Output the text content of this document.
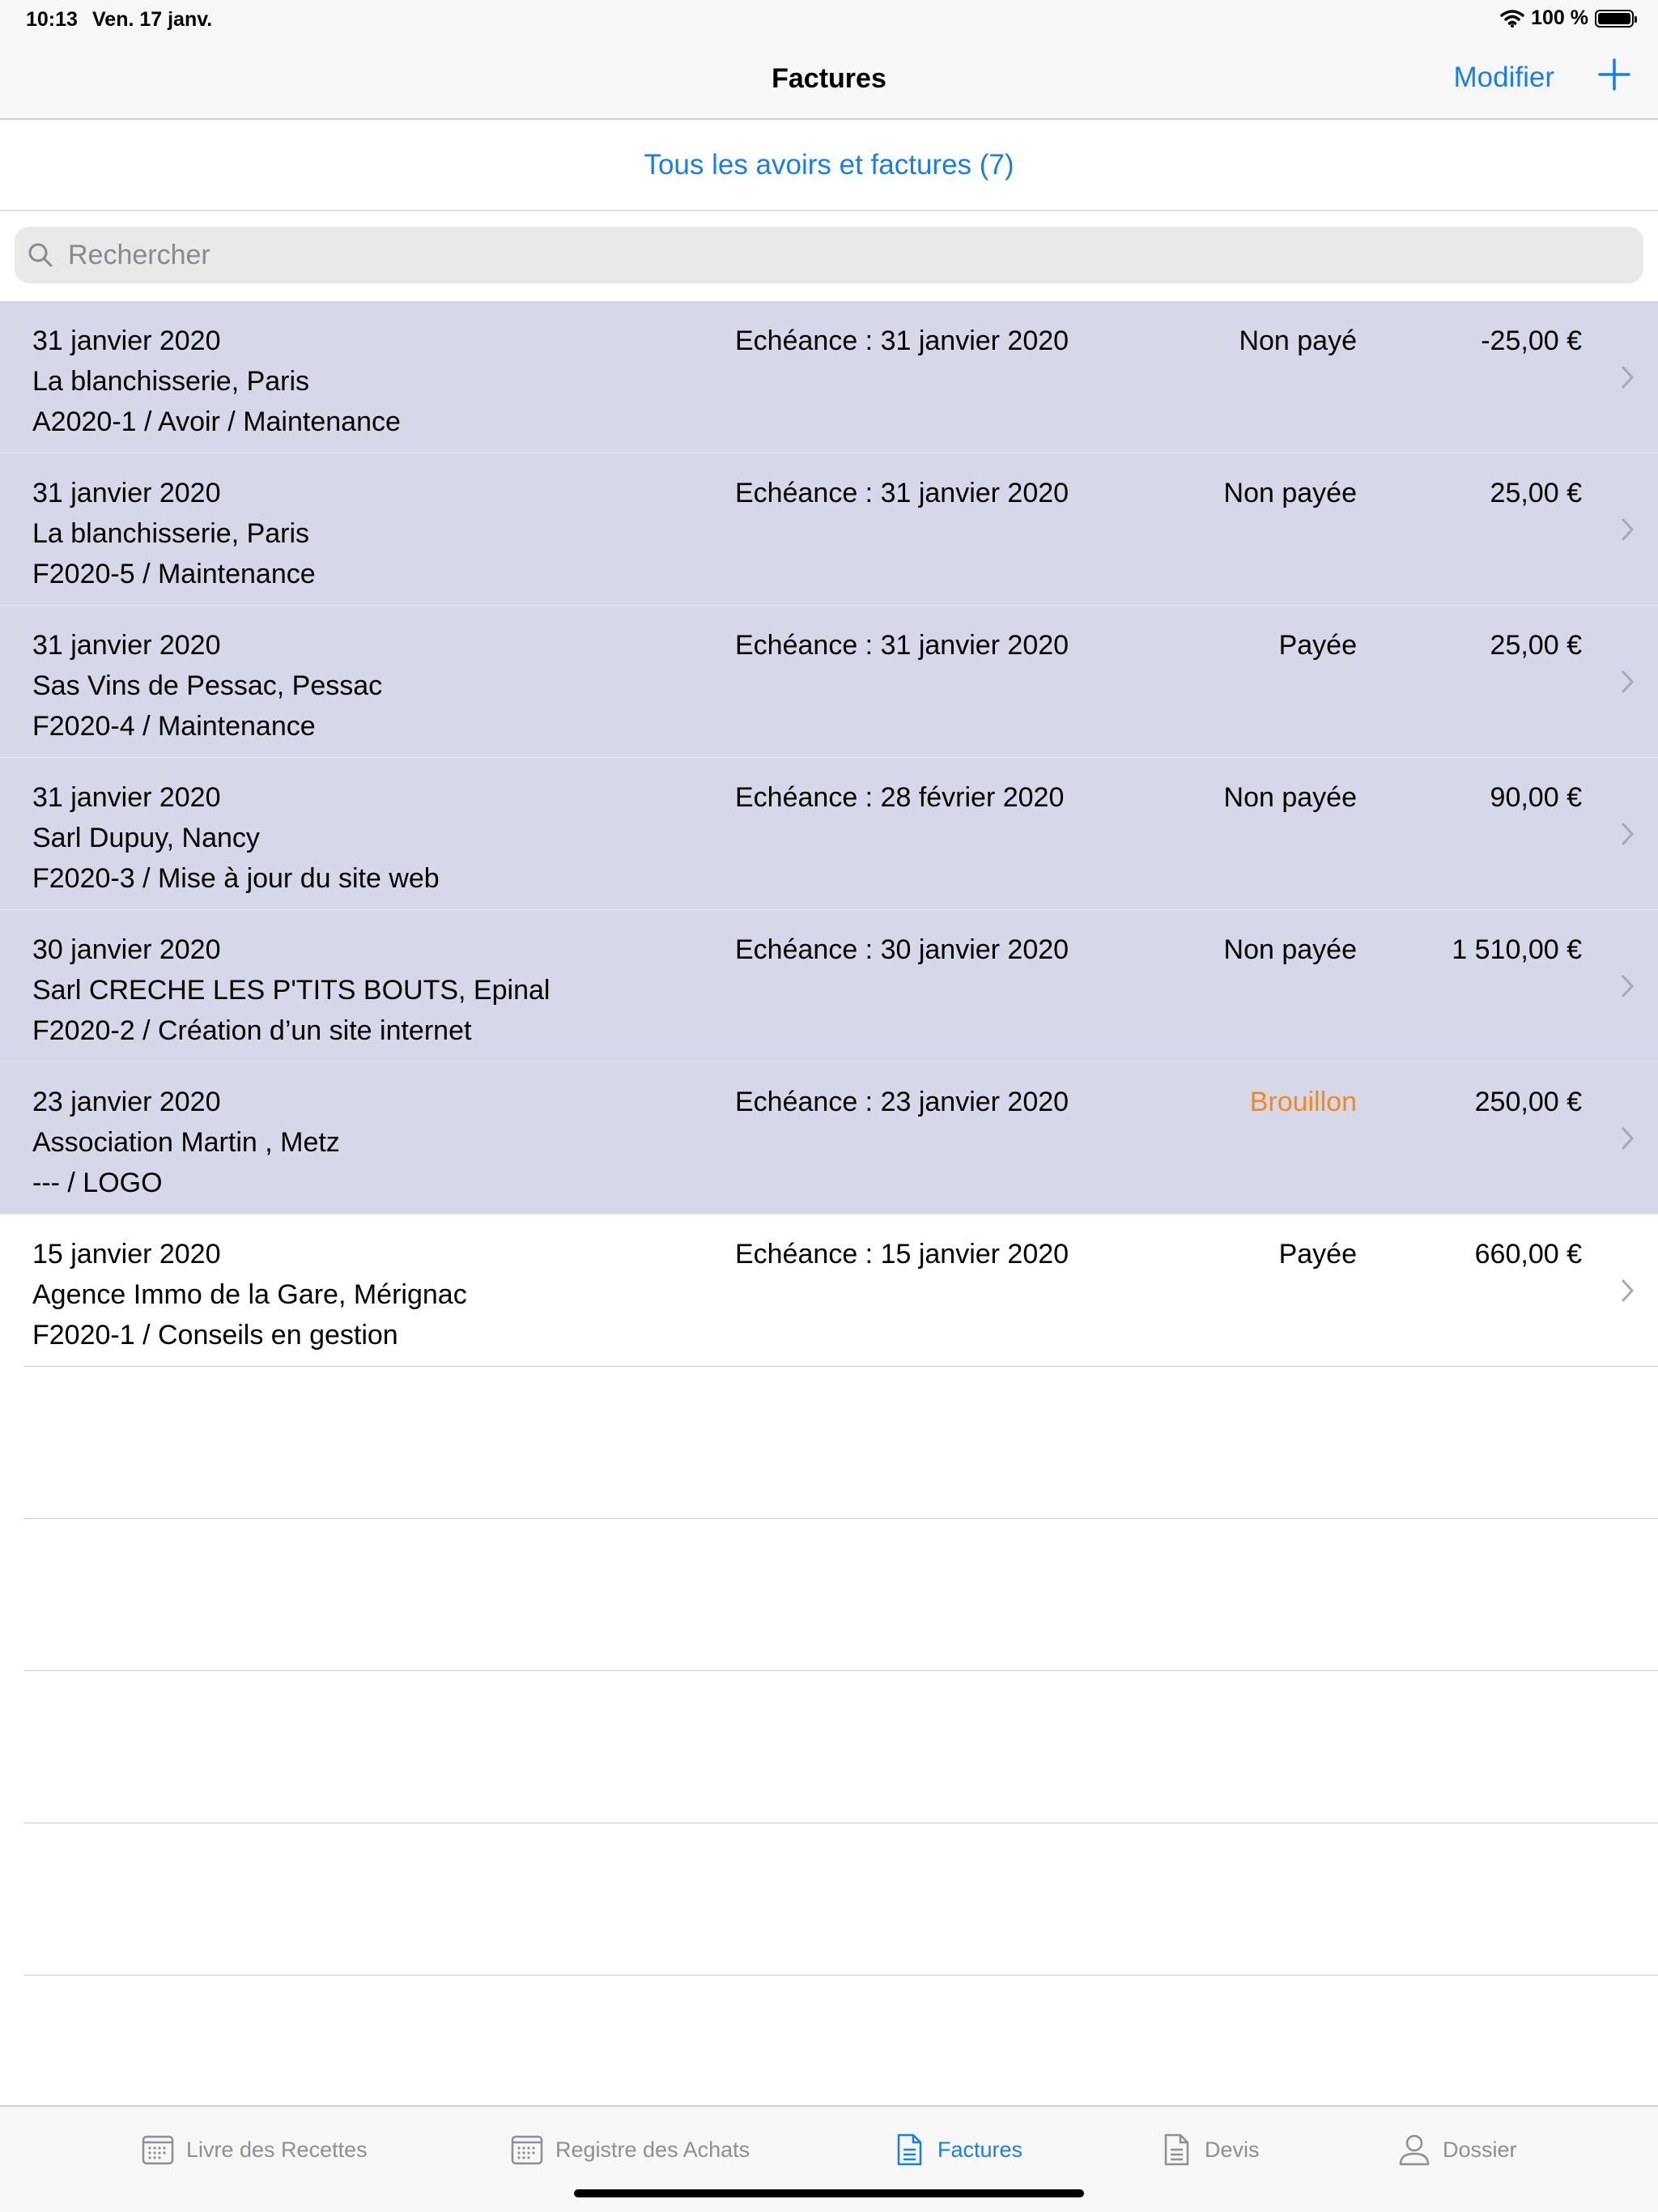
10:13 Ven. 17 janv.	100 %
Factures	Modifier
Tous les avoirs et factures (7)
Rechercher
31 janvier 2020
La blanchisserie, Paris
A2020-1 / Avoir / Maintenance
Echéance : 31 janvier 2020	Non payé	-25,00 €
31 janvier 2020
La blanchisserie, Paris
F2020-5 / Maintenance
Echéance : 31 janvier 2020	Non payée	25,00 €
31 janvier 2020
Sas Vins de Pessac, Pessac
F2020-4 / Maintenance
Echéance : 31 janvier 2020	Payée	25,00 €
31 janvier 2020
Sarl Dupuy, Nancy
F2020-3 / Mise à jour du site web
Echéance : 28 février 2020	Non payée	90,00 €
30 janvier 2020
Sarl CRECHE LES P'TITS BOUTS, Epinal
F2020-2 / Création d’un site internet
Echéance : 30 janvier 2020	Non payée	1 510,00 €
23 janvier 2020
Association Martin , Metz
--- / LOGO
Echéance : 23 janvier 2020	Brouillon	250,00 €
15 janvier 2020
Agence Immo de la Gare, Mérignac
F2020-1 / Conseils en gestion
Echéance : 15 janvier 2020	Payée	660,00 €
Livre des Recettes	Registre des Achats	Factures	Devis	Dossier
